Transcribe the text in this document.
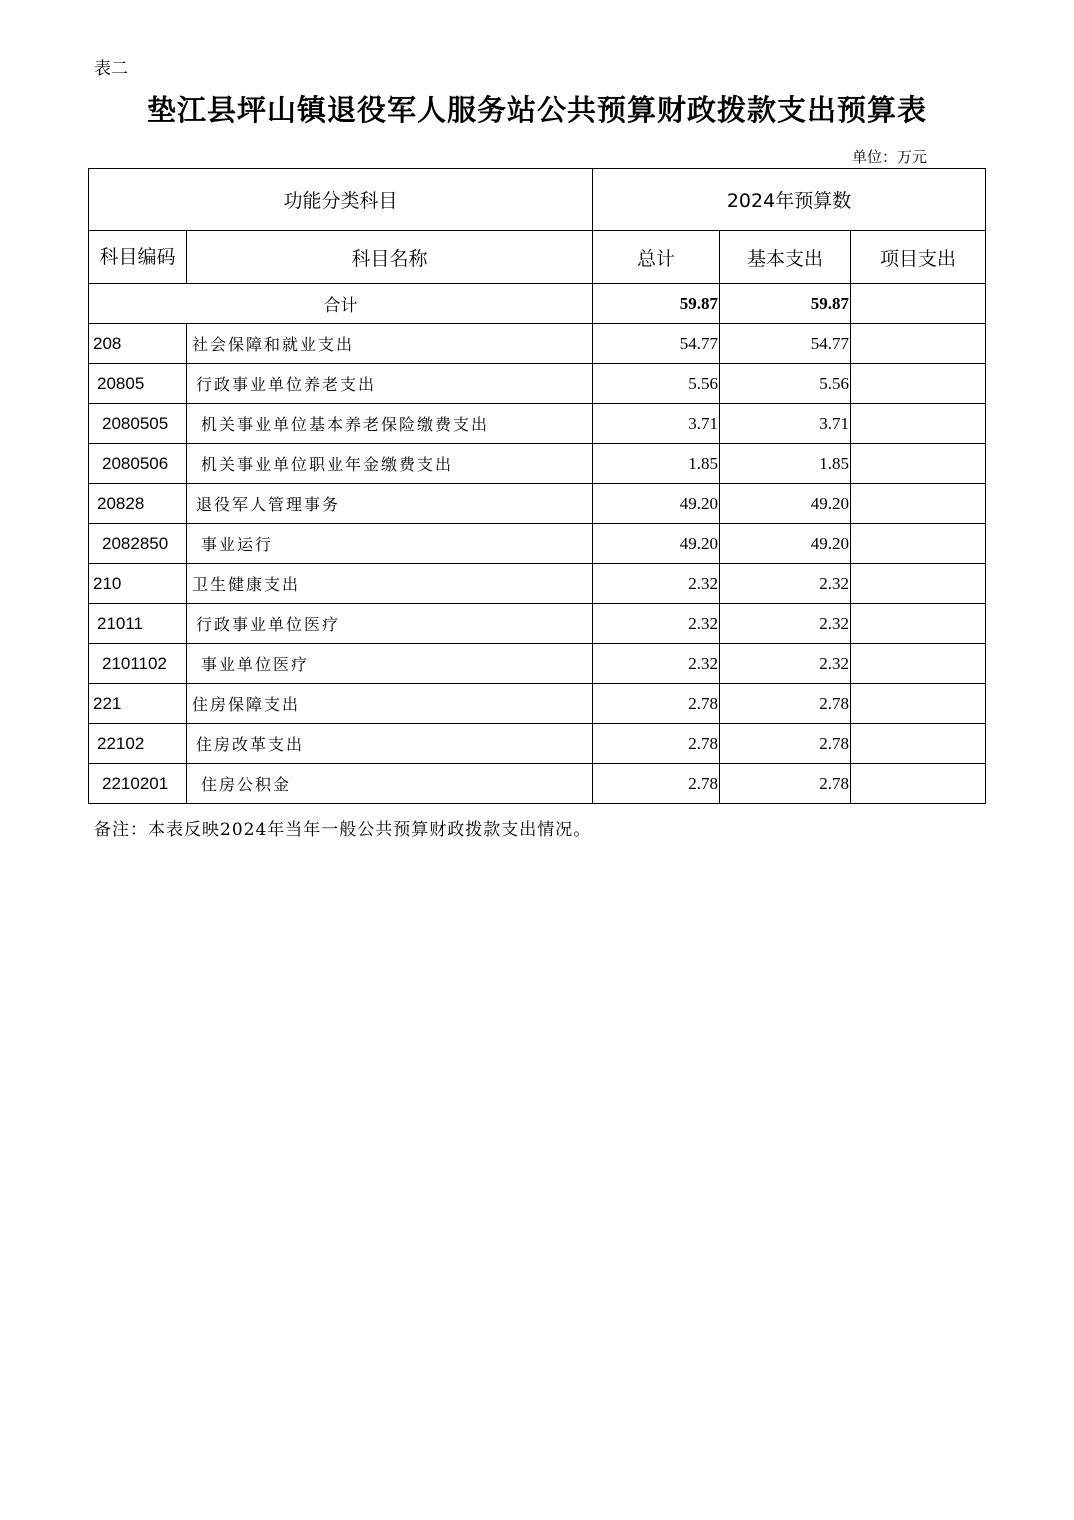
表二
垫江县坪山镇退役军人服务站公共预算财政拨款支出预算表
单位：万元
功能分类科目		2024年预算数		
科目编码	科目名称	总计	基本支出	项目支出
合计		59.87	59.87	
208	社会保障和就业支出	54.77	54.77	
20805	行政事业单位养老支出	5.56	5.56	
2080505	机关事业单位基本养老保险缴费支出	3.71	3.71	
2080506	机关事业单位职业年金缴费支出	1.85	1.85	
20828	退役军人管理事务	49.20	49.20	
2082850	事业运行	49.20	49.20	
210	卫生健康支出	2.32	2.32	
21011	行政事业单位医疗	2.32	2.32	
2101102	事业单位医疗	2.32	2.32	
221	住房保障支出	2.78	2.78	
22102	住房改革支出	2.78	2.78	
2210201	住房公积金	2.78	2.78	
备注：本表反映2024年当年一般公共预算财政拨款支出情况。
